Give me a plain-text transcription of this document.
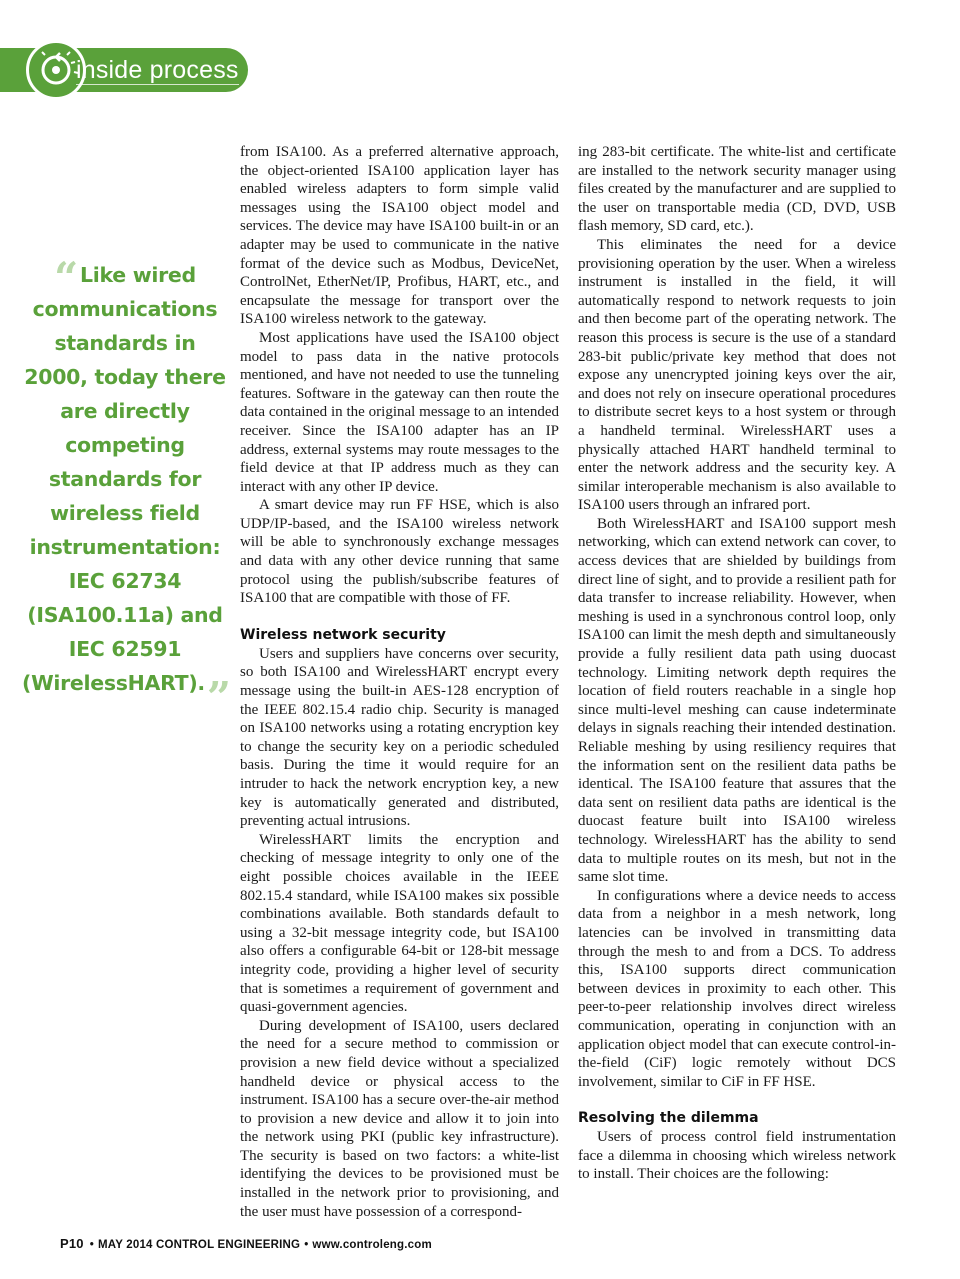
inside process
“Like wired communications standards in 2000, today there are directly competing standards for wireless field instrumentation: IEC 62734 (ISA100.11a) and IEC 62591 (WirelessHART).”

from ISA100. As a preferred alternative approach, the object-oriented ISA100 application layer has enabled wireless adapters to form simple valid messages using the ISA100 object model and services. The device may have ISA100 built-in or an adapter may be used to communicate in the native format of the device such as Modbus, DeviceNet, ControlNet, EtherNet/IP, Profibus, HART, etc., and encapsulate the message for transport over the ISA100 wireless network to the gateway.

Most applications have used the ISA100 object model to pass data in the native protocols mentioned, and have not needed to use the tunneling features. Software in the gateway can then route the data contained in the original message to an intended receiver. Since the ISA100 adapter has an IP address, external systems may route messages to the field device at that IP address much as they can interact with any other IP device.

A smart device may run FF HSE, which is also UDP/IP-based, and the ISA100 wireless network will be able to synchronously exchange messages and data with any other device running that same protocol using the publish/subscribe features of ISA100 that are compatible with those of FF.

Wireless network security

Users and suppliers have concerns over security, so both ISA100 and WirelessHART encrypt every message using the built-in AES-128 encryption of the IEEE 802.15.4 radio chip. Security is managed on ISA100 networks using a rotating encryption key to change the security key on a periodic scheduled basis. During the time it would require for an intruder to hack the network encryption key, a new key is automatically generated and distributed, preventing actual intrusions.

WirelessHART limits the encryption and checking of message integrity to only one of the eight possible choices available in the IEEE 802.15.4 standard, while ISA100 makes six possible combinations available. Both standards default to using a 32-bit message integrity code, but ISA100 also offers a configurable 64-bit or 128-bit message integrity code, providing a higher level of security that is sometimes a requirement of government and quasi-government agencies.

During development of ISA100, users declared the need for a secure method to commission or provision a new field device without a specialized handheld device or physical access to the instrument. ISA100 has a secure over-the-air method to provision a new device and allow it to join into the network using PKI (public key infrastructure). The security is based on two factors: a white-list identifying the devices to be provisioned must be installed in the network prior to provisioning, and the user must have possession of a correspond-

ing 283-bit certificate. The white-list and certificate are installed to the network security manager using files created by the manufacturer and are supplied to the user on transportable media (CD, DVD, USB flash memory, SD card, etc.).

This eliminates the need for a device provisioning operation by the user. When a wireless instrument is installed in the field, it will automatically respond to network requests to join and then become part of the operating network. The reason this process is secure is the use of a standard 283-bit public/private key method that does not expose any unencrypted joining keys over the air, and does not rely on insecure operational procedures to distribute secret keys to a host system or through a handheld terminal. WirelessHART uses a physically attached HART handheld terminal to enter the network address and the security key. A similar interoperable mechanism is also available to ISA100 users through an infrared port.

Both WirelessHART and ISA100 support mesh networking, which can extend network can cover, to access devices that are shielded by buildings from direct line of sight, and to provide a resilient path for data transfer to increase reliability. However, when meshing is used in a synchronous control loop, only ISA100 can limit the mesh depth and simultaneously provide a fully resilient data path using duocast technology. Limiting network depth requires the location of field routers reachable in a single hop since multi-level meshing can cause indeterminate delays in signals reaching their intended destination. Reliable meshing by using resiliency requires that the information sent on the resilient data paths be identical. The ISA100 feature that assures that the data sent on resilient data paths are identical is the duocast feature built into ISA100 wireless technology. WirelessHART has the ability to send data to multiple routes on its mesh, but not in the same slot time.

In configurations where a device needs to access data from a neighbor in a mesh network, long latencies can be involved in transmitting data through the mesh to and from a DCS. To address this, ISA100 supports direct communication between devices in proximity to each other. This peer-to-peer relationship involves direct wireless communication, operating in conjunction with an application object model that can execute control-in-the-field (CiF) logic remotely without DCS involvement, similar to CiF in FF HSE.

Resolving the dilemma

Users of process control field instrumentation face a dilemma in choosing which wireless network to install. Their choices are the following:

P10 • MAY 2014 CONTROL ENGINEERING • www.controleng.com
